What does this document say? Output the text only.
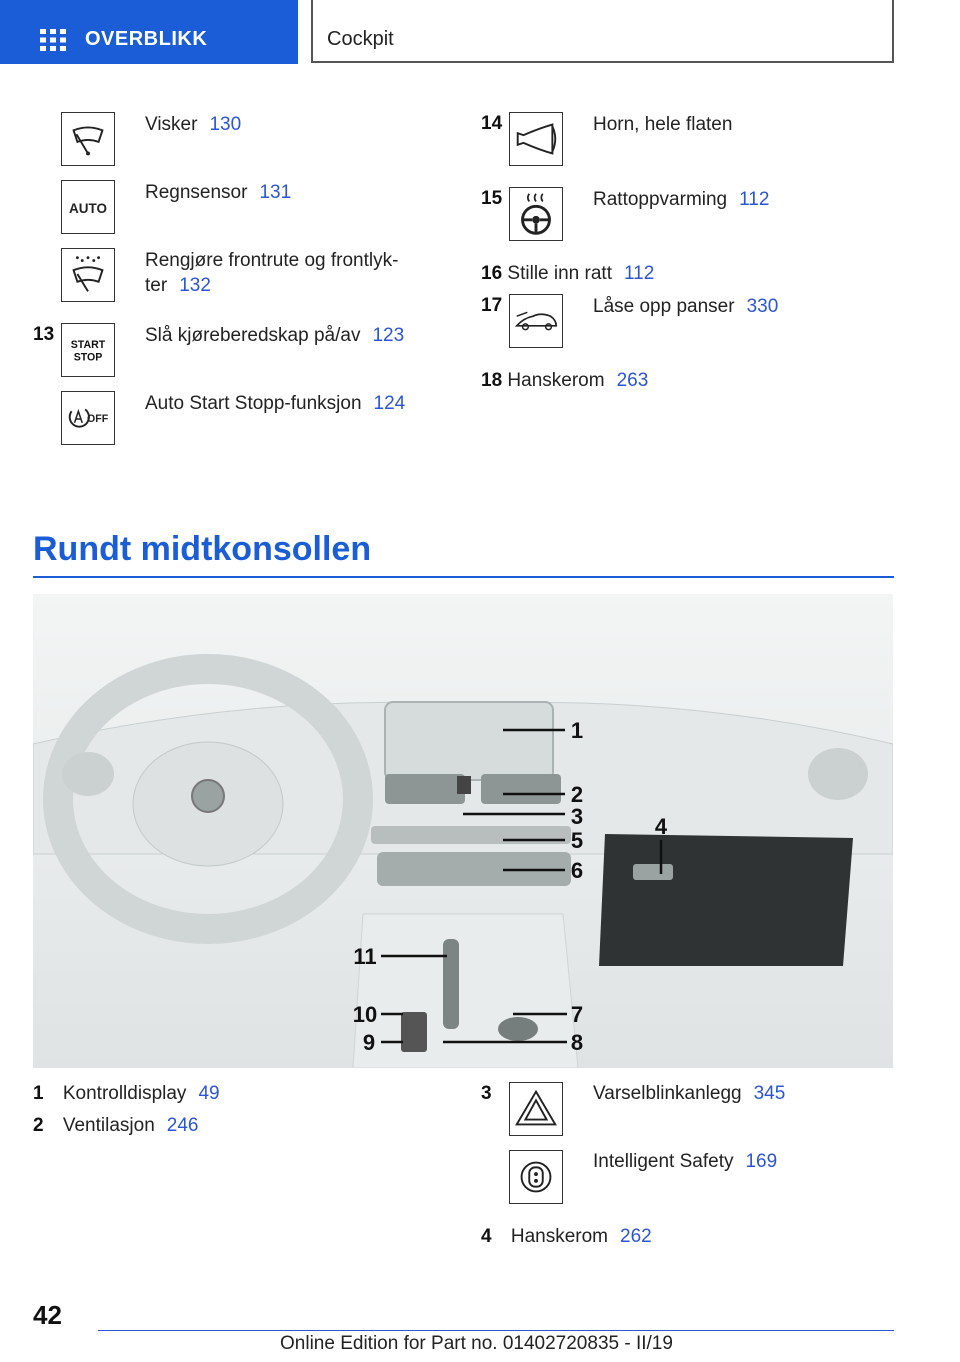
OVERBLIKK	Cockpit
Visker 130
AUTO
Regnsensor 131
Rengjøre frontrute og frontlyk-
ter 132
13
START
STOP
Slå kjøreberedskap på/av 123
OFF
Auto Start Stopp-funksjon 124
14	Horn, hele flaten
15	Rattoppvarming 112
16 Stille inn ratt 112
17	Låse opp panser 330
18 Hanskerom 263
Rundt midtkonsollen
1
2
3	4
5
6
7
8
9
10
11
1 Kontrolldisplay 49
2 Ventilasjon 246
3	Varselblinkanlegg 345
Intelligent Safety 169
4 Hanskerom 262
42
Online Edition for Part no. 01402720835 - II/19
